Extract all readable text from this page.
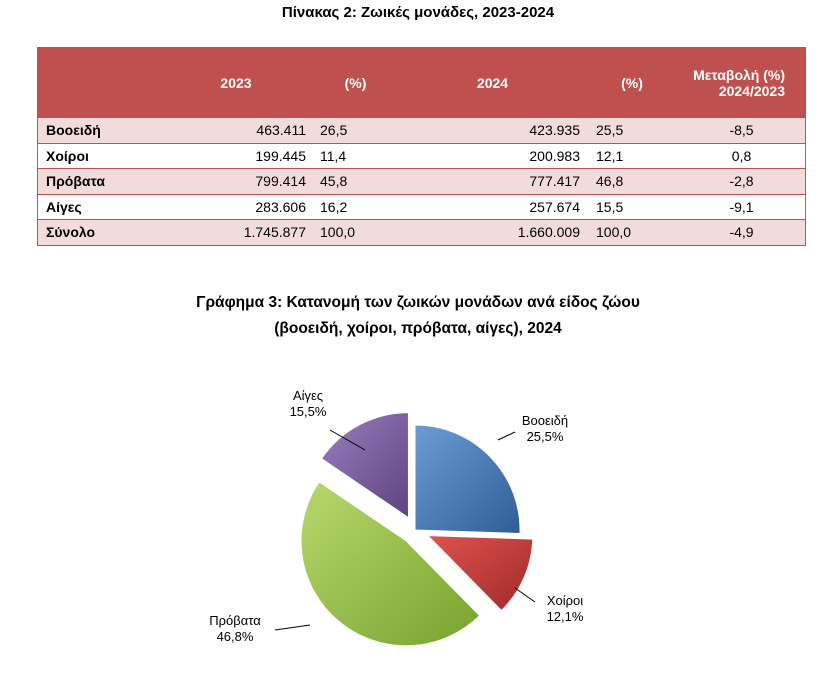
Πίνακας 2: Ζωικές μονάδες, 2023-2024
	2023	(%)	2024	(%)	Μεταβολή (%)
2024/2023
Βοοειδή	463.411	26,5	423.935	25,5	-8,5
Χοίροι	199.445	11,4	200.983	12,1	0,8
Πρόβατα	799.414	45,8	777.417	46,8	-2,8
Αίγες	283.606	16,2	257.674	15,5	-9,1
Σύνολο	1.745.877	100,0	1.660.009	100,0	-4,9
Γράφημα 3: Κατανομή των ζωικών μονάδων ανά είδος ζώου
(βοοειδή, χοίροι, πρόβατα, αίγες), 2024
Βοοειδή
25,5%
Χοίροι
12,1%
Πρόβατα
46,8%
Αίγες
15,5%
